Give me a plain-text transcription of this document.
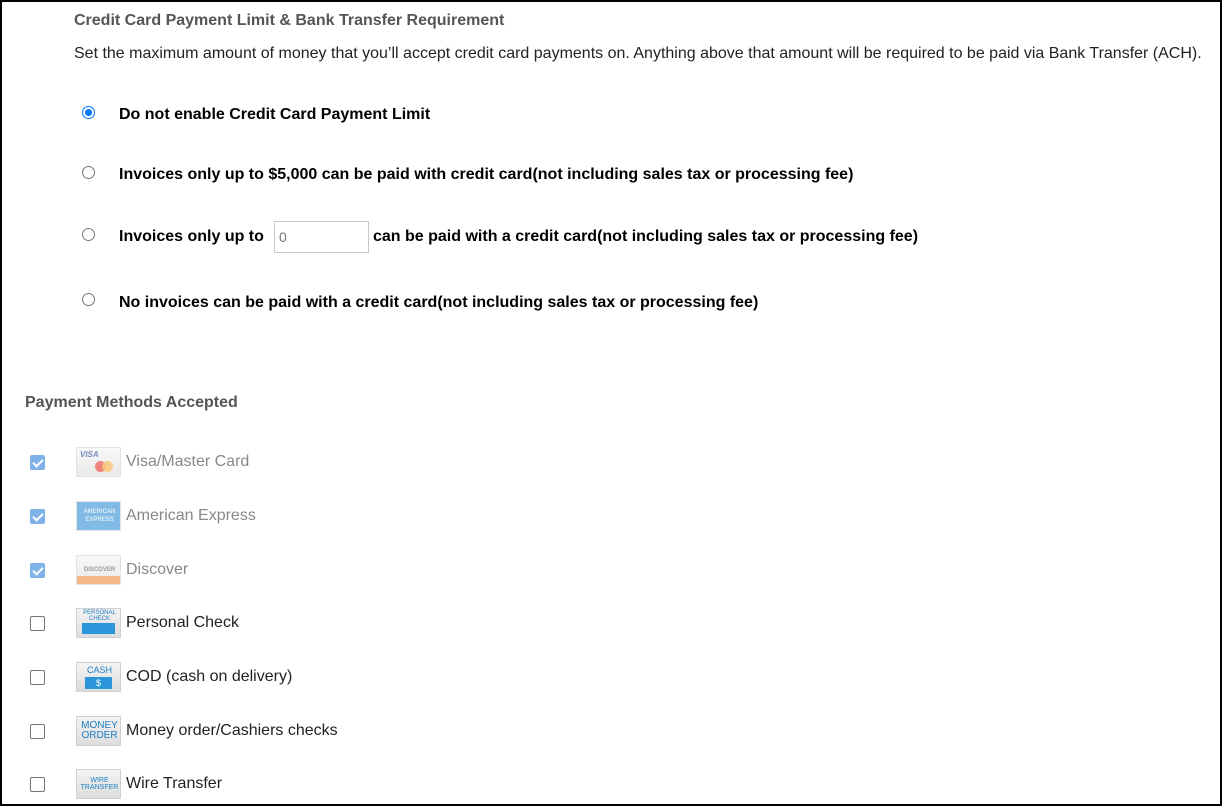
Credit Card Payment Limit & Bank Transfer Requirement
Set the maximum amount of money that you’ll accept credit card payments on. Anything above that amount will be required to be paid via Bank Transfer (ACH).
Do not enable Credit Card Payment Limit
Invoices only up to $5,000 can be paid with credit card(not including sales tax or processing fee)
Invoices only up to
0	can be paid with a credit card(not including sales tax or processing fee)
No invoices can be paid with a credit card(not including sales tax or processing fee)
Payment Methods Accepted
VISA Visa/Master Card
AMERICAN EXPRESS American Express
DISCOVER Discover
PERSONAL CHECK	Personal Check
CASH
$	COD (cash on delivery)
MONEY ORDER Money order/Cashiers checks
WIRE TRANSFER Wire Transfer
